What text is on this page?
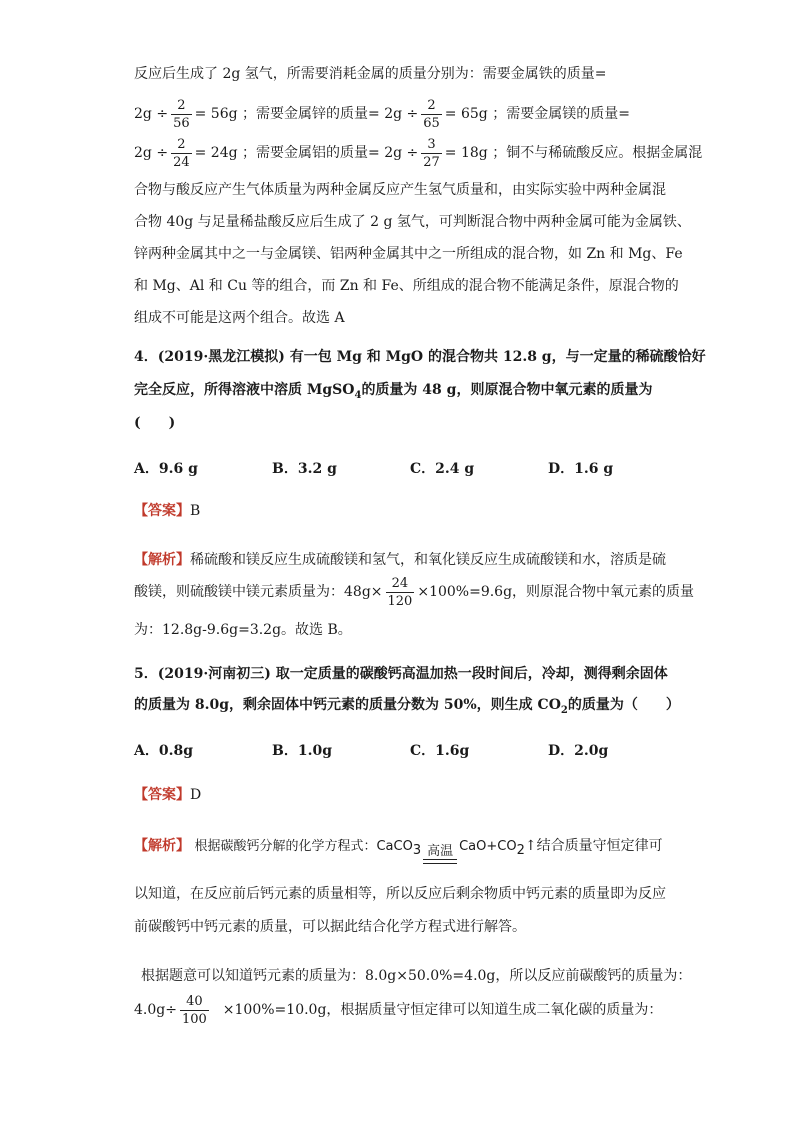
反应后生成了 2g 氢气，所需要消耗金属的质量分别为：需要金属铁的质量=
$2g \div \frac{2}{56} = 56g$ ；需要金属锌的质量= $2g \div \frac{2}{65} = 65g$ ；需要金属镁的质量=
$2g \div \frac{2}{24} = 24g$ ；需要金属铝的质量= $2g \div \frac{3}{27} = 18g$ ；铜不与稀硫酸反应。根据金属混
合物与酸反应产生气体质量为两种金属反应产生氢气质量和，由实际实验中两种金属混
合物 40g 与足量稀盐酸反应后生成了 2 g 氢气，可判断混合物中两种金属可能为金属铁、
锌两种金属其中之一与金属镁、铝两种金属其中之一所组成的混合物，如 Zn 和 Mg、Fe
和 Mg、Al 和 Cu 等的组合，而 Zn 和 Fe、所组成的混合物不能满足条件，原混合物的
组成不可能是这两个组合。故选 A
4．(2019·黑龙江模拟) 有一包 Mg 和 MgO 的混合物共 12.8 g，与一定量的稀硫酸恰好
完全反应，所得溶液中溶质 MgSO$_4$的质量为 48 g，则原混合物中氧元素的质量为
(　　)
A．9.6 g	B．3.2 g	C．2.4 g	D．1.6 g
【答案】B
【解析】稀硫酸和镁反应生成硫酸镁和氢气，和氧化镁反应生成硫酸镁和水，溶质是硫
酸镁，则硫酸镁中镁元素质量为：$48g\times \frac{24}{120} \times 100\%=9.6g$，则原混合物中氧元素的质量
为：12.8g-9.6g=3.2g。故选 B。
5．(2019·河南初三) 取一定质量的碳酸钙高温加热一段时间后，冷却，测得剩余固体
的质量为 8.0g，剩余固体中钙元素的质量分数为 50%，则生成 $CO_2$的质量为（　　）
A．0.8g	B．1.0g	C．1.6g	D．2.0g
【答案】D
【解析】 根据碳酸钙分解的化学方程式：CaCO$_3$ 高温 $CaO+CO_2↑$结合质量守恒定律可
以知道，在反应前后钙元素的质量相等，所以反应后剩余物质中钙元素的质量即为反应
前碳酸钙中钙元素的质量，可以据此结合化学方程式进行解答。
根据题意可以知道钙元素的质量为：8.0g×50.0%=4.0g，所以反应前碳酸钙的质量为：
$4.0g\div \frac{40}{100} \times 100\%=10.0g$，根据质量守恒定律可以知道生成二氧化碳的质量为：
